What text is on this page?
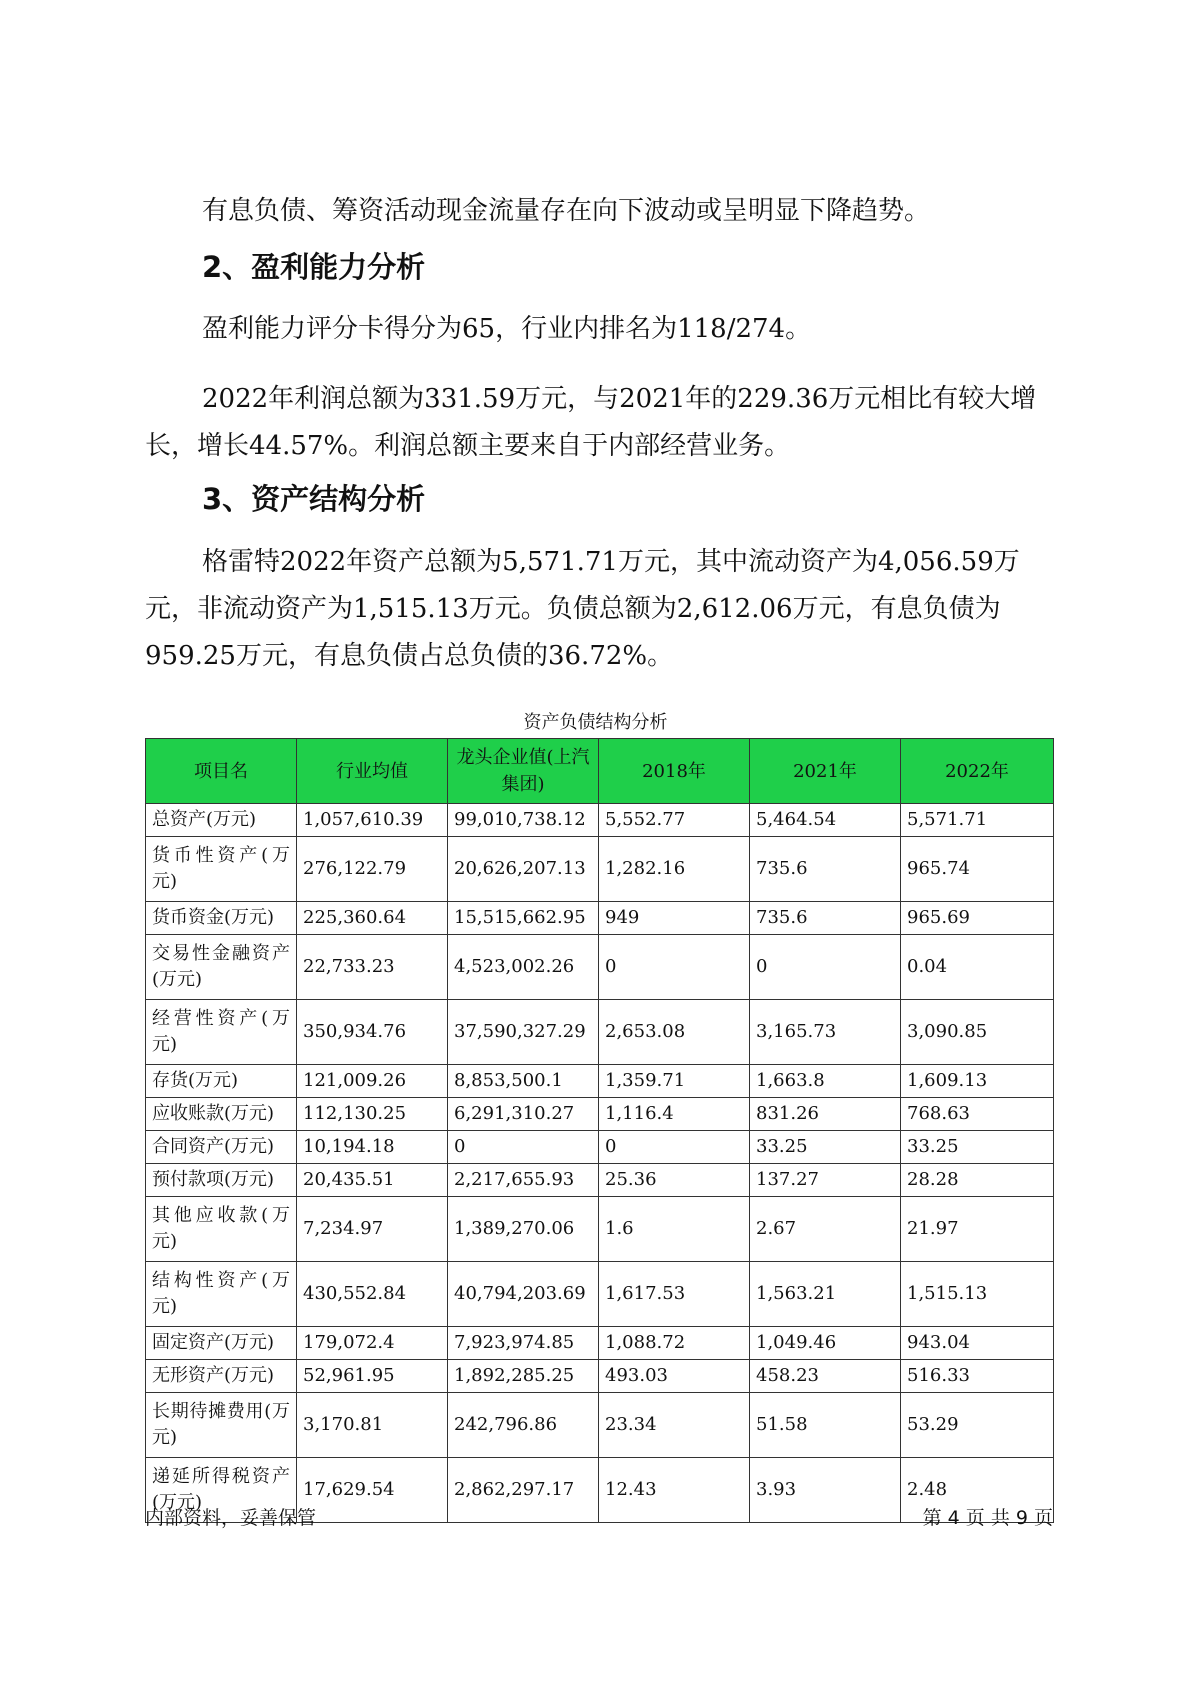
有息负债、筹资活动现金流量存在向下波动或呈明显下降趋势。

2、盈利能力分析

盈利能力评分卡得分为65，行业内排名为118/274。

2022年利润总额为331.59万元，与2021年的229.36万元相比有较大增长，增长44.57%。利润总额主要来自于内部经营业务。

3、资产结构分析

格雷特2022年资产总额为5,571.71万元，其中流动资产为4,056.59万元，非流动资产为1,515.13万元。负债总额为2,612.06万元，有息负债为959.25万元，有息负债占总负债的36.72%。

资产负债结构分析
项目名	行业均值	龙头企业值(上汽集团)	2018年	2021年	2022年
总资产(万元)	1,057,610.39	99,010,738.12	5,552.77	5,464.54	5,571.71
货币性资产(万元)	276,122.79	20,626,207.13	1,282.16	735.6	965.74
货币资金(万元)	225,360.64	15,515,662.95	949	735.6	965.69
交易性金融资产(万元)	22,733.23	4,523,002.26	0	0	0.04
经营性资产(万元)	350,934.76	37,590,327.29	2,653.08	3,165.73	3,090.85
存货(万元)	121,009.26	8,853,500.1	1,359.71	1,663.8	1,609.13
应收账款(万元)	112,130.25	6,291,310.27	1,116.4	831.26	768.63
合同资产(万元)	10,194.18	0	0	33.25	33.25
预付款项(万元)	20,435.51	2,217,655.93	25.36	137.27	28.28
其他应收款(万元)	7,234.97	1,389,270.06	1.6	2.67	21.97
结构性资产(万元)	430,552.84	40,794,203.69	1,617.53	1,563.21	1,515.13
固定资产(万元)	179,072.4	7,923,974.85	1,088.72	1,049.46	943.04
无形资产(万元)	52,961.95	1,892,285.25	493.03	458.23	516.33
长期待摊费用(万元)	3,170.81	242,796.86	23.34	51.58	53.29
递延所得税资产(万元)	17,629.54	2,862,297.17	12.43	3.93	2.48
内部资料，妥善保管	第 4 页 共 9 页
